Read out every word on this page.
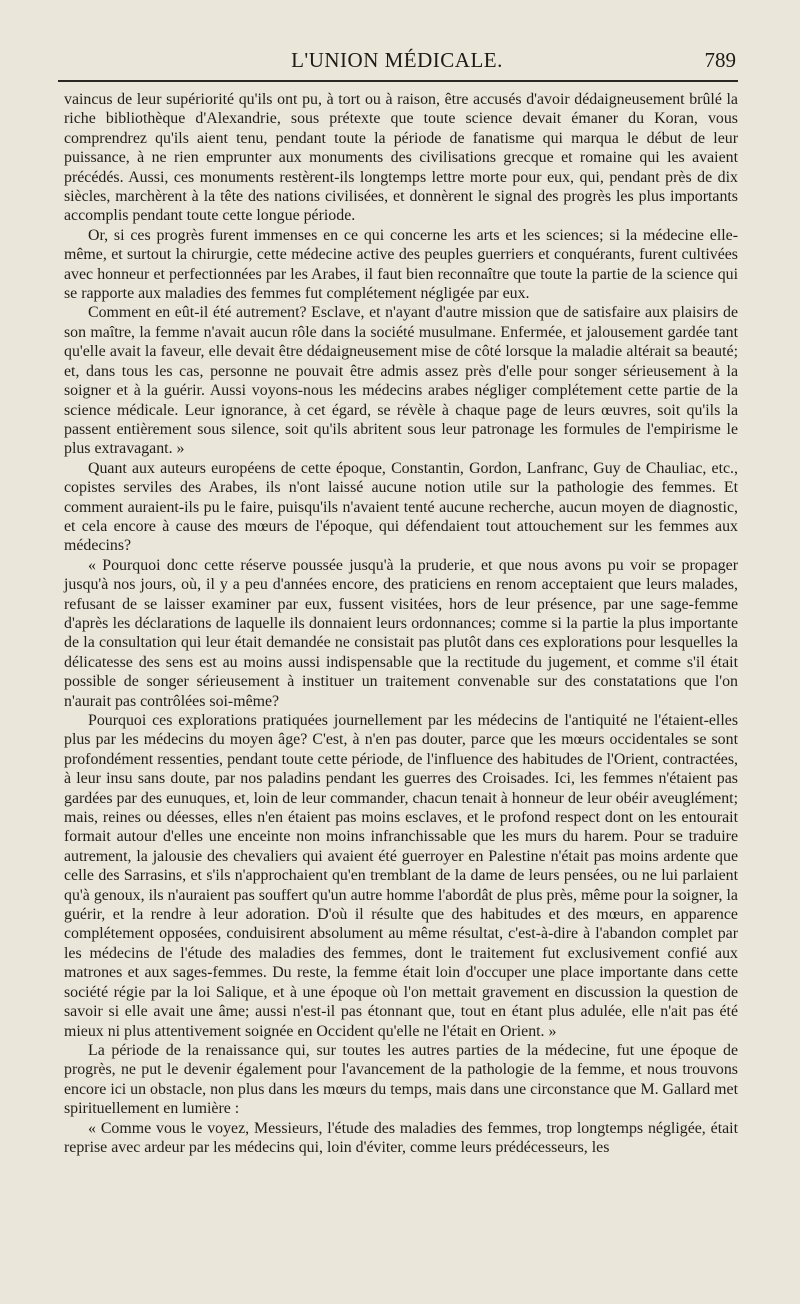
L'UNION MÉDICALE.	789

vaincus de leur supériorité qu'ils ont pu, à tort ou à raison, être accusés d'avoir dédaigneusement brûlé la riche bibliothèque d'Alexandrie, sous prétexte que toute science devait émaner du Koran, vous comprendrez qu'ils aient tenu, pendant toute la période de fanatisme qui marqua le début de leur puissance, à ne rien emprunter aux monuments des civilisations grecque et romaine qui les avaient précédés. Aussi, ces monuments restèrent-ils longtemps lettre morte pour eux, qui, pendant près de dix siècles, marchèrent à la tête des nations civilisées, et donnèrent le signal des progrès les plus importants accomplis pendant toute cette longue période.

Or, si ces progrès furent immenses en ce qui concerne les arts et les sciences; si la médecine elle-même, et surtout la chirurgie, cette médecine active des peuples guerriers et conquérants, furent cultivées avec honneur et perfectionnées par les Arabes, il faut bien reconnaître que toute la partie de la science qui se rapporte aux maladies des femmes fut complétement négligée par eux.

Comment en eût-il été autrement? Esclave, et n'ayant d'autre mission que de satisfaire aux plaisirs de son maître, la femme n'avait aucun rôle dans la société musulmane. Enfermée, et jalousement gardée tant qu'elle avait la faveur, elle devait être dédaigneusement mise de côté lorsque la maladie altérait sa beauté; et, dans tous les cas, personne ne pouvait être admis assez près d'elle pour songer sérieusement à la soigner et à la guérir. Aussi voyons-nous les médecins arabes négliger complétement cette partie de la science médicale. Leur ignorance, à cet égard, se révèle à chaque page de leurs œuvres, soit qu'ils la passent entièrement sous silence, soit qu'ils abritent sous leur patronage les formules de l'empirisme le plus extravagant. »

Quant aux auteurs européens de cette époque, Constantin, Gordon, Lanfranc, Guy de Chauliac, etc., copistes serviles des Arabes, ils n'ont laissé aucune notion utile sur la pathologie des femmes. Et comment auraient-ils pu le faire, puisqu'ils n'avaient tenté aucune recherche, aucun moyen de diagnostic, et cela encore à cause des mœurs de l'époque, qui défendaient tout attouchement sur les femmes aux médecins?

« Pourquoi donc cette réserve poussée jusqu'à la pruderie, et que nous avons pu voir se propager jusqu'à nos jours, où, il y a peu d'années encore, des praticiens en renom acceptaient que leurs malades, refusant de se laisser examiner par eux, fussent visitées, hors de leur présence, par une sage-femme d'après les déclarations de laquelle ils donnaient leurs ordonnances; comme si la partie la plus importante de la consultation qui leur était demandée ne consistait pas plutôt dans ces explorations pour lesquelles la délicatesse des sens est au moins aussi indispensable que la rectitude du jugement, et comme s'il était possible de songer sérieusement à instituer un traitement convenable sur des constatations que l'on n'aurait pas contrôlées soi-même?

Pourquoi ces explorations pratiquées journellement par les médecins de l'antiquité ne l'étaient-elles plus par les médecins du moyen âge? C'est, à n'en pas douter, parce que les mœurs occidentales se sont profondément ressenties, pendant toute cette période, de l'influence des habitudes de l'Orient, contractées, à leur insu sans doute, par nos paladins pendant les guerres des Croisades. Ici, les femmes n'étaient pas gardées par des eunuques, et, loin de leur commander, chacun tenait à honneur de leur obéir aveuglément; mais, reines ou déesses, elles n'en étaient pas moins esclaves, et le profond respect dont on les entourait formait autour d'elles une enceinte non moins infranchissable que les murs du harem. Pour se traduire autrement, la jalousie des chevaliers qui avaient été guerroyer en Palestine n'était pas moins ardente que celle des Sarrasins, et s'ils n'approchaient qu'en tremblant de la dame de leurs pensées, ou ne lui parlaient qu'à genoux, ils n'auraient pas souffert qu'un autre homme l'abordât de plus près, même pour la soigner, la guérir, et la rendre à leur adoration. D'où il résulte que des habitudes et des mœurs, en apparence complétement opposées, conduisirent absolument au même résultat, c'est-à-dire à l'abandon complet par les médecins de l'étude des maladies des femmes, dont le traitement fut exclusivement confié aux matrones et aux sages-femmes. Du reste, la femme était loin d'occuper une place importante dans cette société régie par la loi Salique, et à une époque où l'on mettait gravement en discussion la question de savoir si elle avait une âme; aussi n'est-il pas étonnant que, tout en étant plus adulée, elle n'ait pas été mieux ni plus attentivement soignée en Occident qu'elle ne l'était en Orient. »

La période de la renaissance qui, sur toutes les autres parties de la médecine, fut une époque de progrès, ne put le devenir également pour l'avancement de la pathologie de la femme, et nous trouvons encore ici un obstacle, non plus dans les mœurs du temps, mais dans une circonstance que M. Gallard met spirituellement en lumière :

« Comme vous le voyez, Messieurs, l'étude des maladies des femmes, trop longtemps négligée, était reprise avec ardeur par les médecins qui, loin d'éviter, comme leurs prédécesseurs, les
